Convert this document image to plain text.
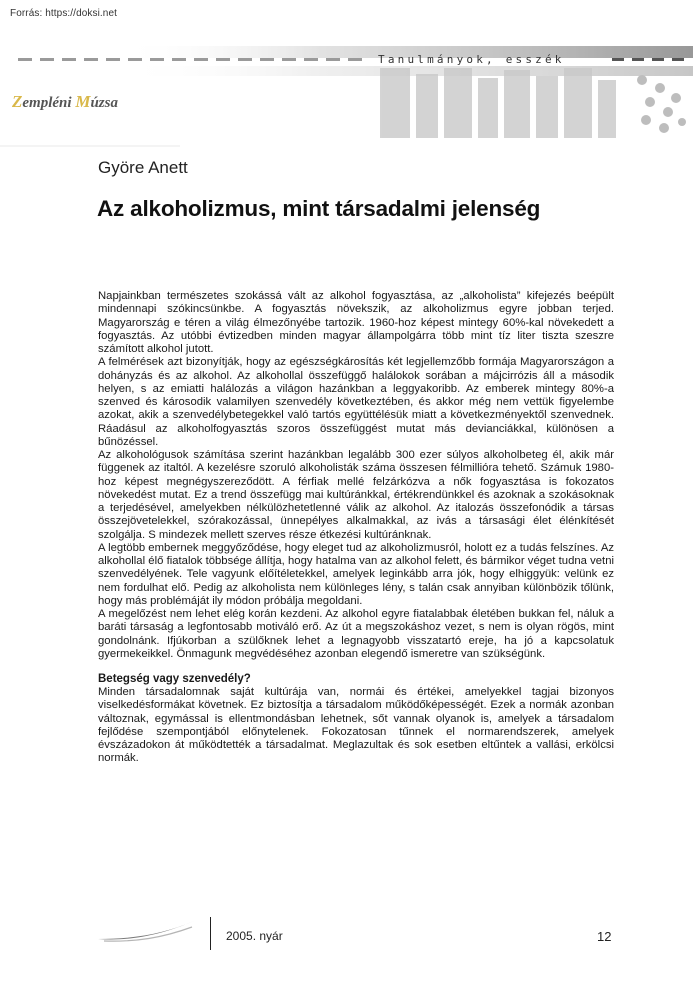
Forrás: https://doksi.net
Zempléni Múzsa
Tanulmányok, esszék
Györe Anett
Az alkoholizmus, mint társadalmi jelenség

Napjainkban természetes szokássá vált az alkohol fogyasztása, az „alkoholista” kifejezés beépült mindennapi szókincsünkbe. A fogyasztás növekszik, az alkoholizmus egyre jobban terjed. Magyarország e téren a világ élmezőnyébe tartozik. 1960-hoz képest mintegy 60%-kal növekedett a fogyasztás. Az utóbbi évtizedben minden magyar állampolgárra több mint tíz liter tiszta szeszre számított alkohol jutott.

A felmérések azt bizonyítják, hogy az egészségkárosítás két legjellemzőbb formája Magyarországon a dohányzás és az alkohol. Az alkohollal összefüggő halálokok sorában a májcirrózis áll a második helyen, s az emiatti halálozás a világon hazánkban a leggyakoribb. Az emberek mintegy 80%-a szenved és károsodik valamilyen szenvedély következtében, és akkor még nem vettük figyelembe azokat, akik a szenvedélybetegekkel való tartós együttélésük miatt a következményektől szenvednek. Ráadásul az alkoholfogyasztás szoros összefüggést mutat más devianciákkal, különösen a bűnözéssel.

Az alkohológusok számítása szerint hazánkban legalább 300 ezer súlyos alkoholbeteg él, akik már függenek az italtól. A kezelésre szoruló alkoholisták száma összesen félmillióra tehető. Számuk 1980-hoz képest megnégyszereződött. A férfiak mellé felzárkózva a nők fogyasztása is fokozatos növekedést mutat. Ez a trend összefügg mai kultúránkkal, értékrendünkkel és azoknak a szokásoknak a terjedésével, amelyekben nélkülözhetetlenné válik az alkohol. Az italozás összefonódik a társas összejövetelekkel, szórakozással, ünnepélyes alkalmakkal, az ivás a társasági élet élénkítését szolgálja. S mindezek mellett szerves része étkezési kultúránknak.

A legtöbb embernek meggyőződése, hogy eleget tud az alkoholizmusról, holott ez a tudás felszínes. Az alkohollal élő fiatalok többsége állítja, hogy hatalma van az alkohol felett, és bármikor véget tudna vetni szenvedélyének. Tele vagyunk előítéletekkel, amelyek leginkább arra jók, hogy elhiggyük: velünk ez nem fordulhat elő. Pedig az alkoholista nem különleges lény, s talán csak annyiban különbözik tőlünk, hogy más problémáját ily módon próbálja megoldani.

A megelőzést nem lehet elég korán kezdeni. Az alkohol egyre fiatalabbak életében bukkan fel, náluk a baráti társaság a legfontosabb motiváló erő. Az út a megszokáshoz vezet, s nem is olyan rögös, mint gondolnánk. Ifjúkorban a szülőknek lehet a legnagyobb visszatartó ereje, ha jó a kapcsolatuk gyermekeikkel. Önmagunk megvédéséhez azonban elegendő ismeretre van szükségünk.

Betegség vagy szenvedély?

Minden társadalomnak saját kultúrája van, normái és értékei, amelyekkel tagjai bizonyos viselkedésformákat követnek. Ez biztosítja a társadalom működőképességét. Ezek a normák azonban változnak, egymással is ellentmondásban lehetnek, sőt vannak olyanok is, amelyek a társadalom fejlődése szempontjából előnytelenek. Fokozatosan tűnnek el normarendszerek, amelyek évszázadokon át működtették a társadalmat. Meglazultak és sok esetben eltűntek a vallási, erkölcsi normák.

2005. nyár	12
